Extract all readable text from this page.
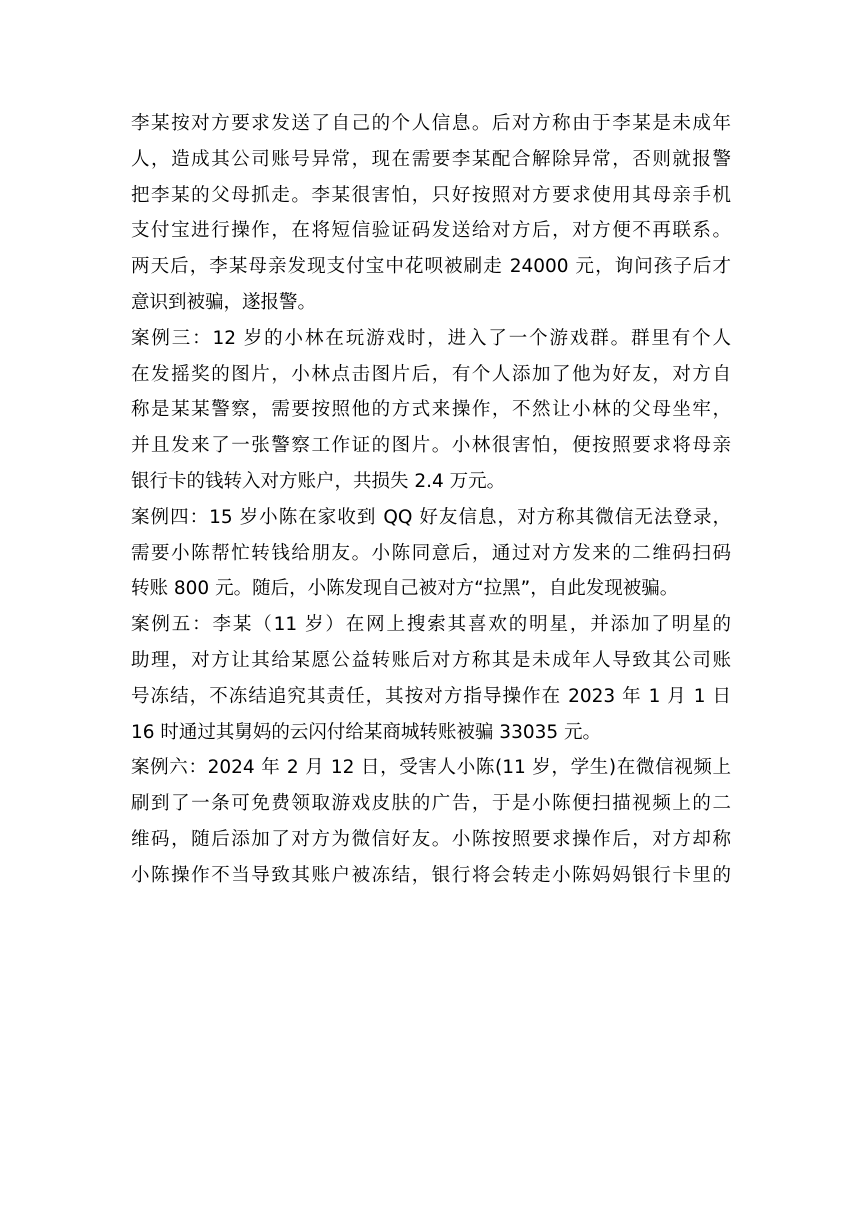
李某按对方要求发送了自己的个人信息。后对方称由于李某是未成年
人，造成其公司账号异常，现在需要李某配合解除异常，否则就报警
把李某的父母抓走。李某很害怕，只好按照对方要求使用其母亲手机
支付宝进行操作，在将短信验证码发送给对方后，对方便不再联系。
两天后，李某母亲发现支付宝中花呗被刷走 24000 元，询问孩子后才
意识到被骗，遂报警。
案例三：12 岁的小林在玩游戏时，进入了一个游戏群。群里有个人
在发摇奖的图片，小林点击图片后，有个人添加了他为好友，对方自
称是某某警察，需要按照他的方式来操作，不然让小林的父母坐牢，
并且发来了一张警察工作证的图片。小林很害怕，便按照要求将母亲
银行卡的钱转入对方账户，共损失 2.4 万元。
案例四：15 岁小陈在家收到 QQ 好友信息，对方称其微信无法登录，
需要小陈帮忙转钱给朋友。小陈同意后，通过对方发来的二维码扫码
转账 800 元。随后，小陈发现自己被对方“拉黑”，自此发现被骗。
案例五：李某（11 岁）在网上搜索其喜欢的明星，并添加了明星的
助理，对方让其给某愿公益转账后对方称其是未成年人导致其公司账
号冻结，不冻结追究其责任，其按对方指导操作在 2023 年 1 月 1 日
16 时通过其舅妈的云闪付给某商城转账被骗 33035 元。
案例六：2024 年 2 月 12 日，受害人小陈(11 岁，学生)在微信视频上
刷到了一条可免费领取游戏皮肤的广告，于是小陈便扫描视频上的二
维码，随后添加了对方为微信好友。小陈按照要求操作后，对方却称
小陈操作不当导致其账户被冻结，银行将会转走小陈妈妈银行卡里的
